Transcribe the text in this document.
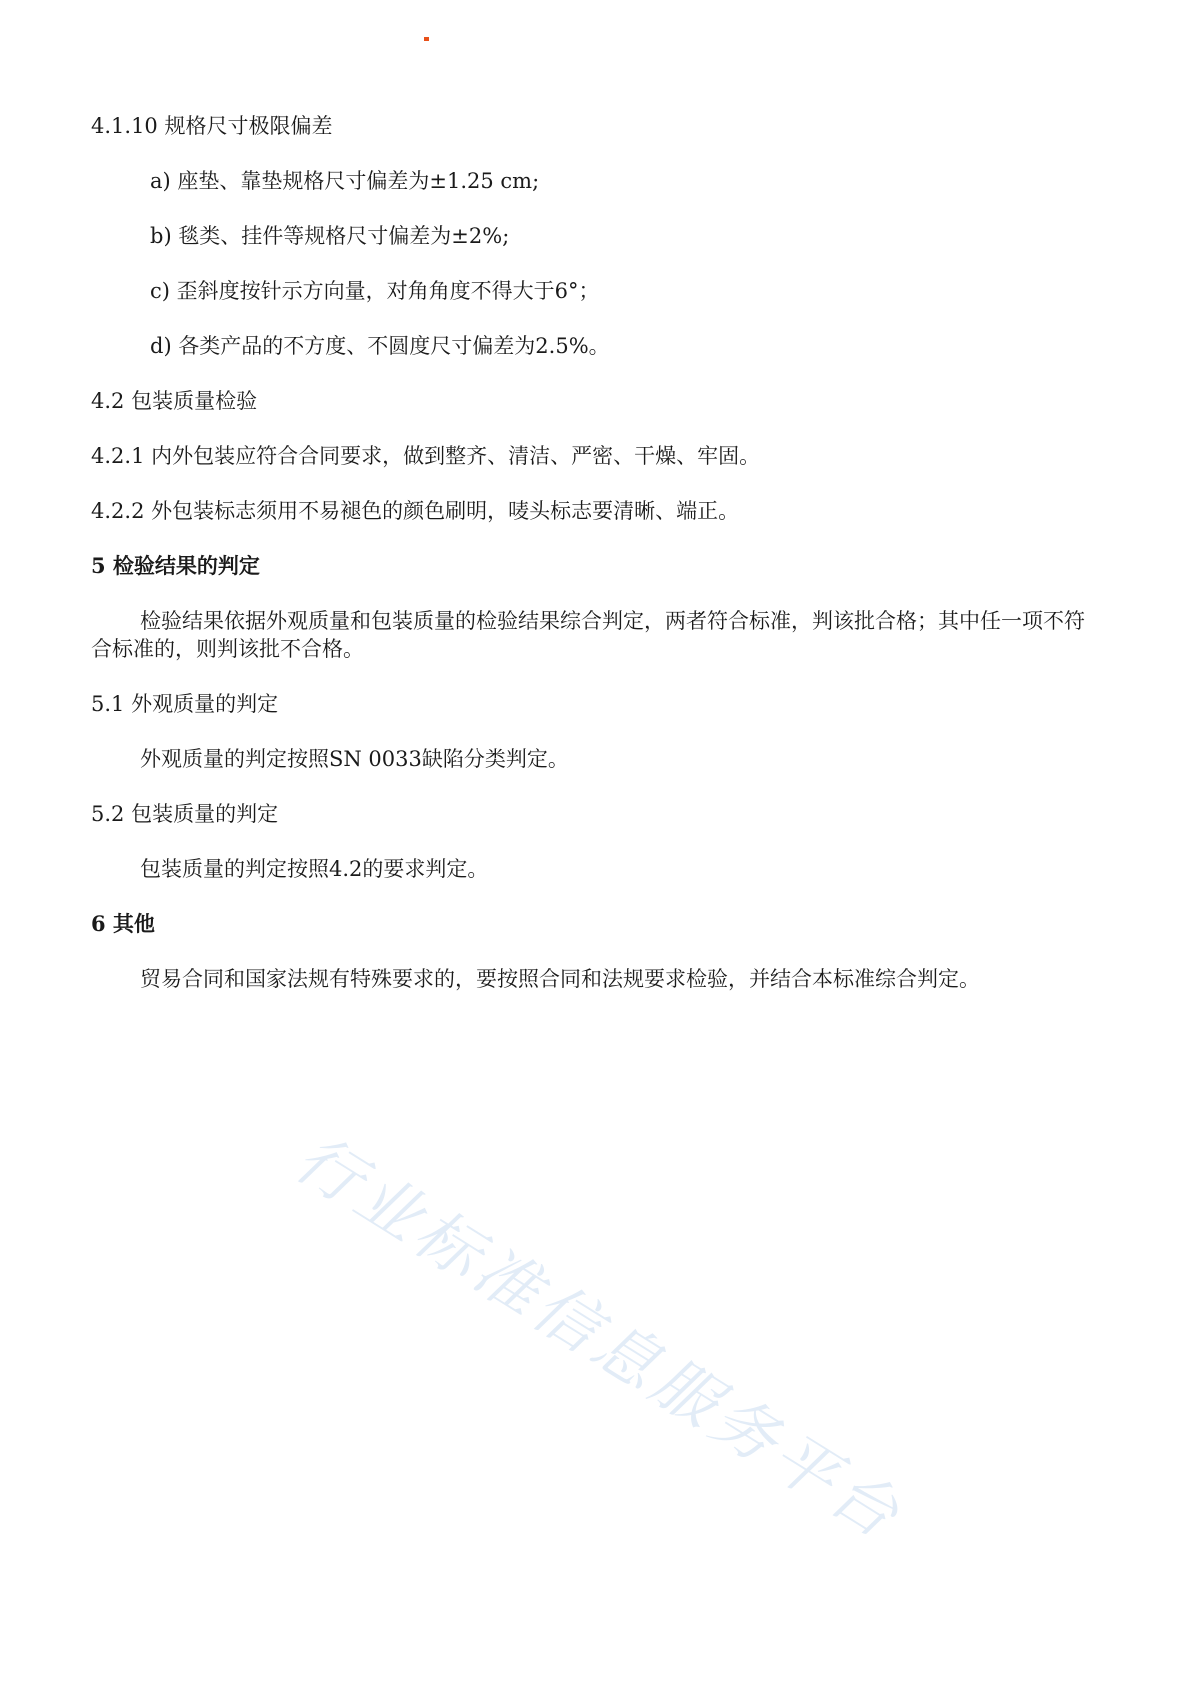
4.1.10 规格尺寸极限偏差
a) 座垫、靠垫规格尺寸偏差为±1.25 cm;
b) 毯类、挂件等规格尺寸偏差为±2%;
c) 歪斜度按针示方向量，对角角度不得大于6°；
d) 各类产品的不方度、不圆度尺寸偏差为2.5%。
4.2 包装质量检验
4.2.1 内外包装应符合合同要求，做到整齐、清洁、严密、干燥、牢固。
4.2.2 外包装标志须用不易褪色的颜色刷明，唛头标志要清晰、端正。
5 检验结果的判定
检验结果依据外观质量和包装质量的检验结果综合判定，两者符合标准，判该批合格；其中任一项不符合标准的，则判该批不合格。
5.1 外观质量的判定
外观质量的判定按照SN 0033缺陷分类判定。
5.2 包装质量的判定
包装质量的判定按照4.2的要求判定。
6 其他
贸易合同和国家法规有特殊要求的，要按照合同和法规要求检验，并结合本标准综合判定。
行业标准信息服务平台
